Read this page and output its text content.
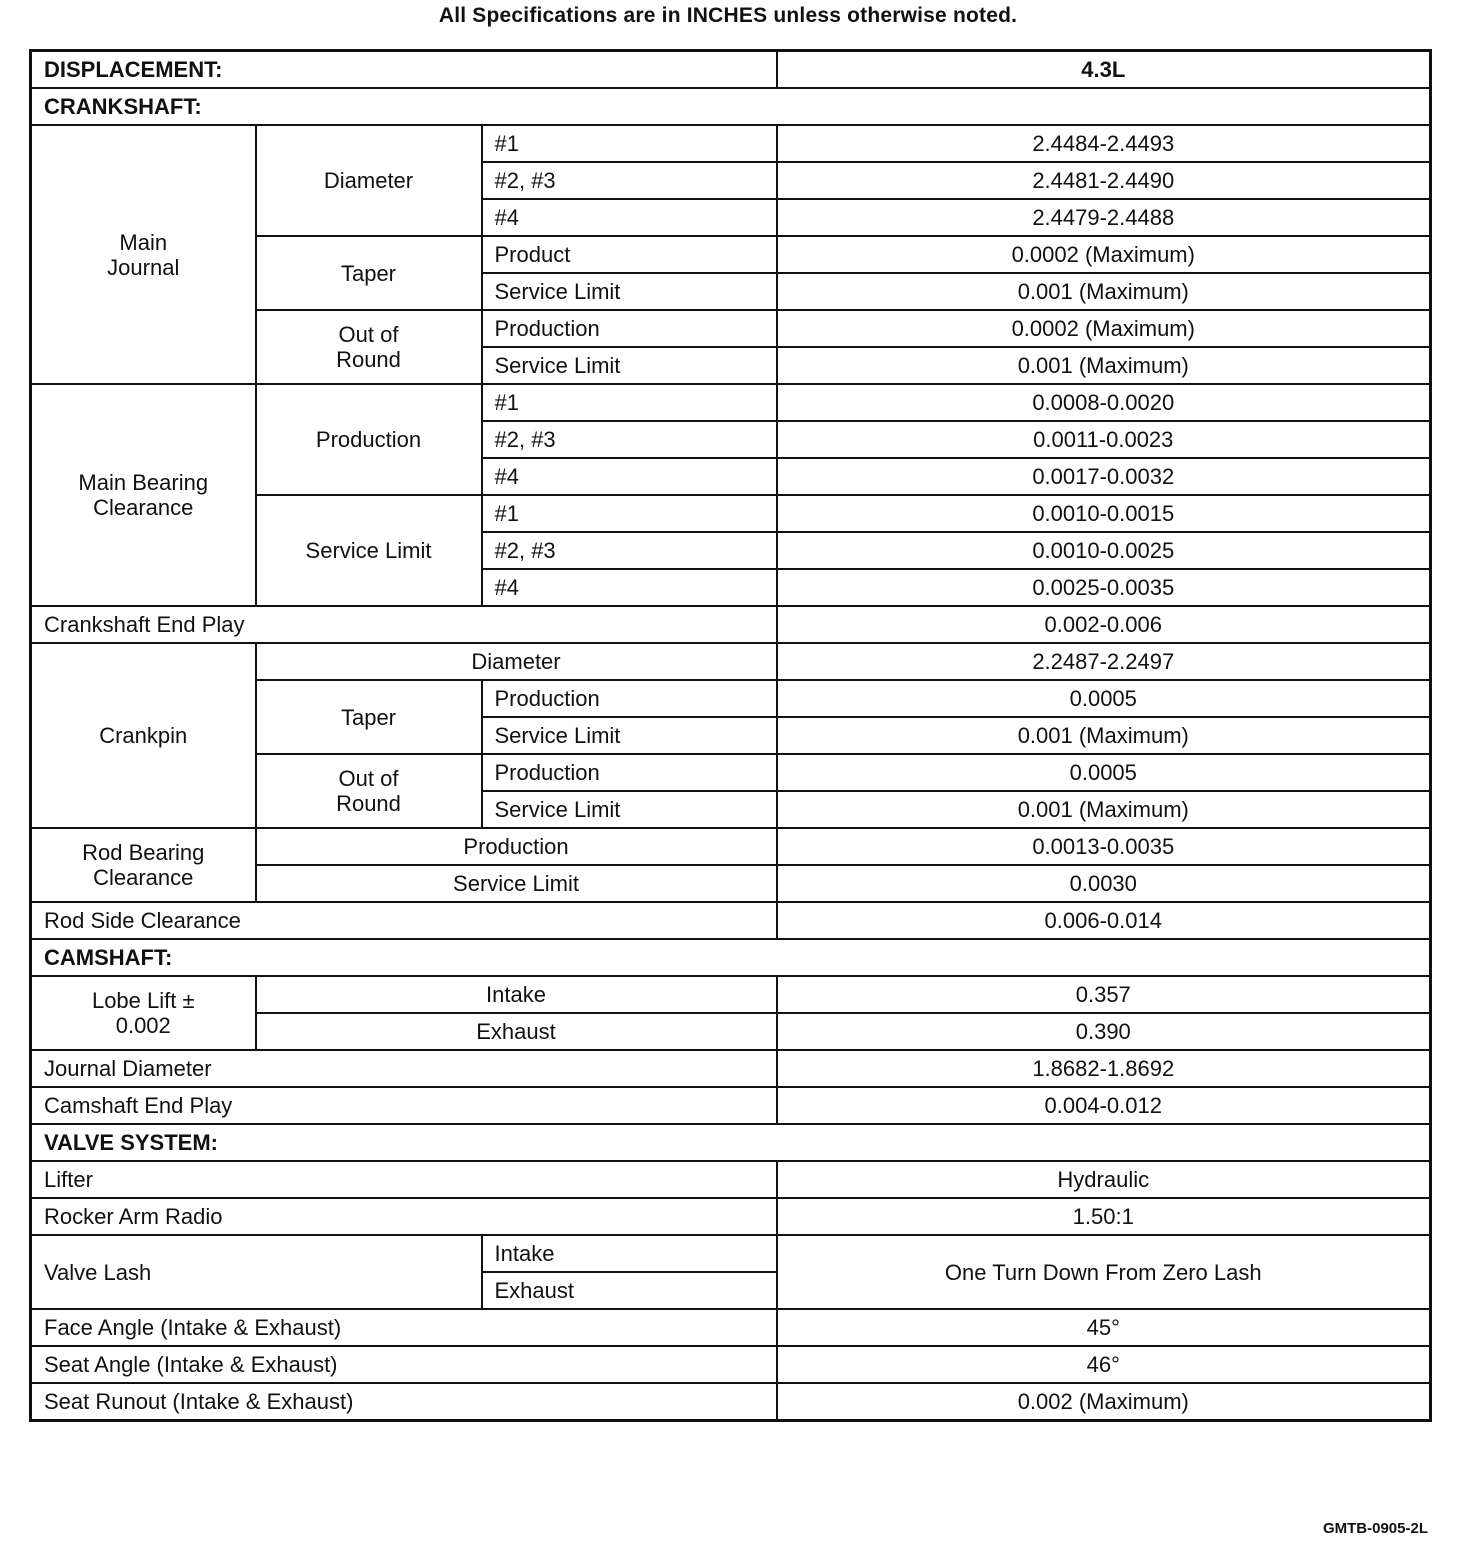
All Specifications are in INCHES unless otherwise noted.
DISPLACEMENT:			4.3L
CRANKSHAFT:			
Main Journal	Diameter	#1	2.4484-2.4493
		#2, #3	2.4481-2.4490
		#4	2.4479-2.4488
	Taper	Product	0.0002 (Maximum)
		Service Limit	0.001 (Maximum)
	Out of Round	Production	0.0002 (Maximum)
		Service Limit	0.001 (Maximum)
Main Bearing Clearance	Production	#1	0.0008-0.0020
		#2, #3	0.0011-0.0023
		#4	0.0017-0.0032
	Service Limit	#1	0.0010-0.0015
		#2, #3	0.0010-0.0025
		#4	0.0025-0.0035
Crankshaft End Play			0.002-0.006
Crankpin	Diameter		2.2487-2.2497
	Taper	Production	0.0005
		Service Limit	0.001 (Maximum)
	Out of Round	Production	0.0005
		Service Limit	0.001 (Maximum)
Rod Bearing Clearance	Production		0.0013-0.0035
	Service Limit		0.0030
Rod Side Clearance			0.006-0.014
CAMSHAFT:			
Lobe Lift ± 0.002	Intake		0.357
	Exhaust		0.390
Journal Diameter			1.8682-1.8692
Camshaft End Play			0.004-0.012
VALVE SYSTEM:			
Lifter			Hydraulic
Rocker Arm Radio			1.50:1
Valve Lash		Intake	One Turn Down From Zero Lash
		Exhaust	
Face Angle (Intake & Exhaust)			45°
Seat Angle (Intake & Exhaust)			46°
Seat Runout (Intake & Exhaust)			0.002 (Maximum)
GMTB-0905-2L
